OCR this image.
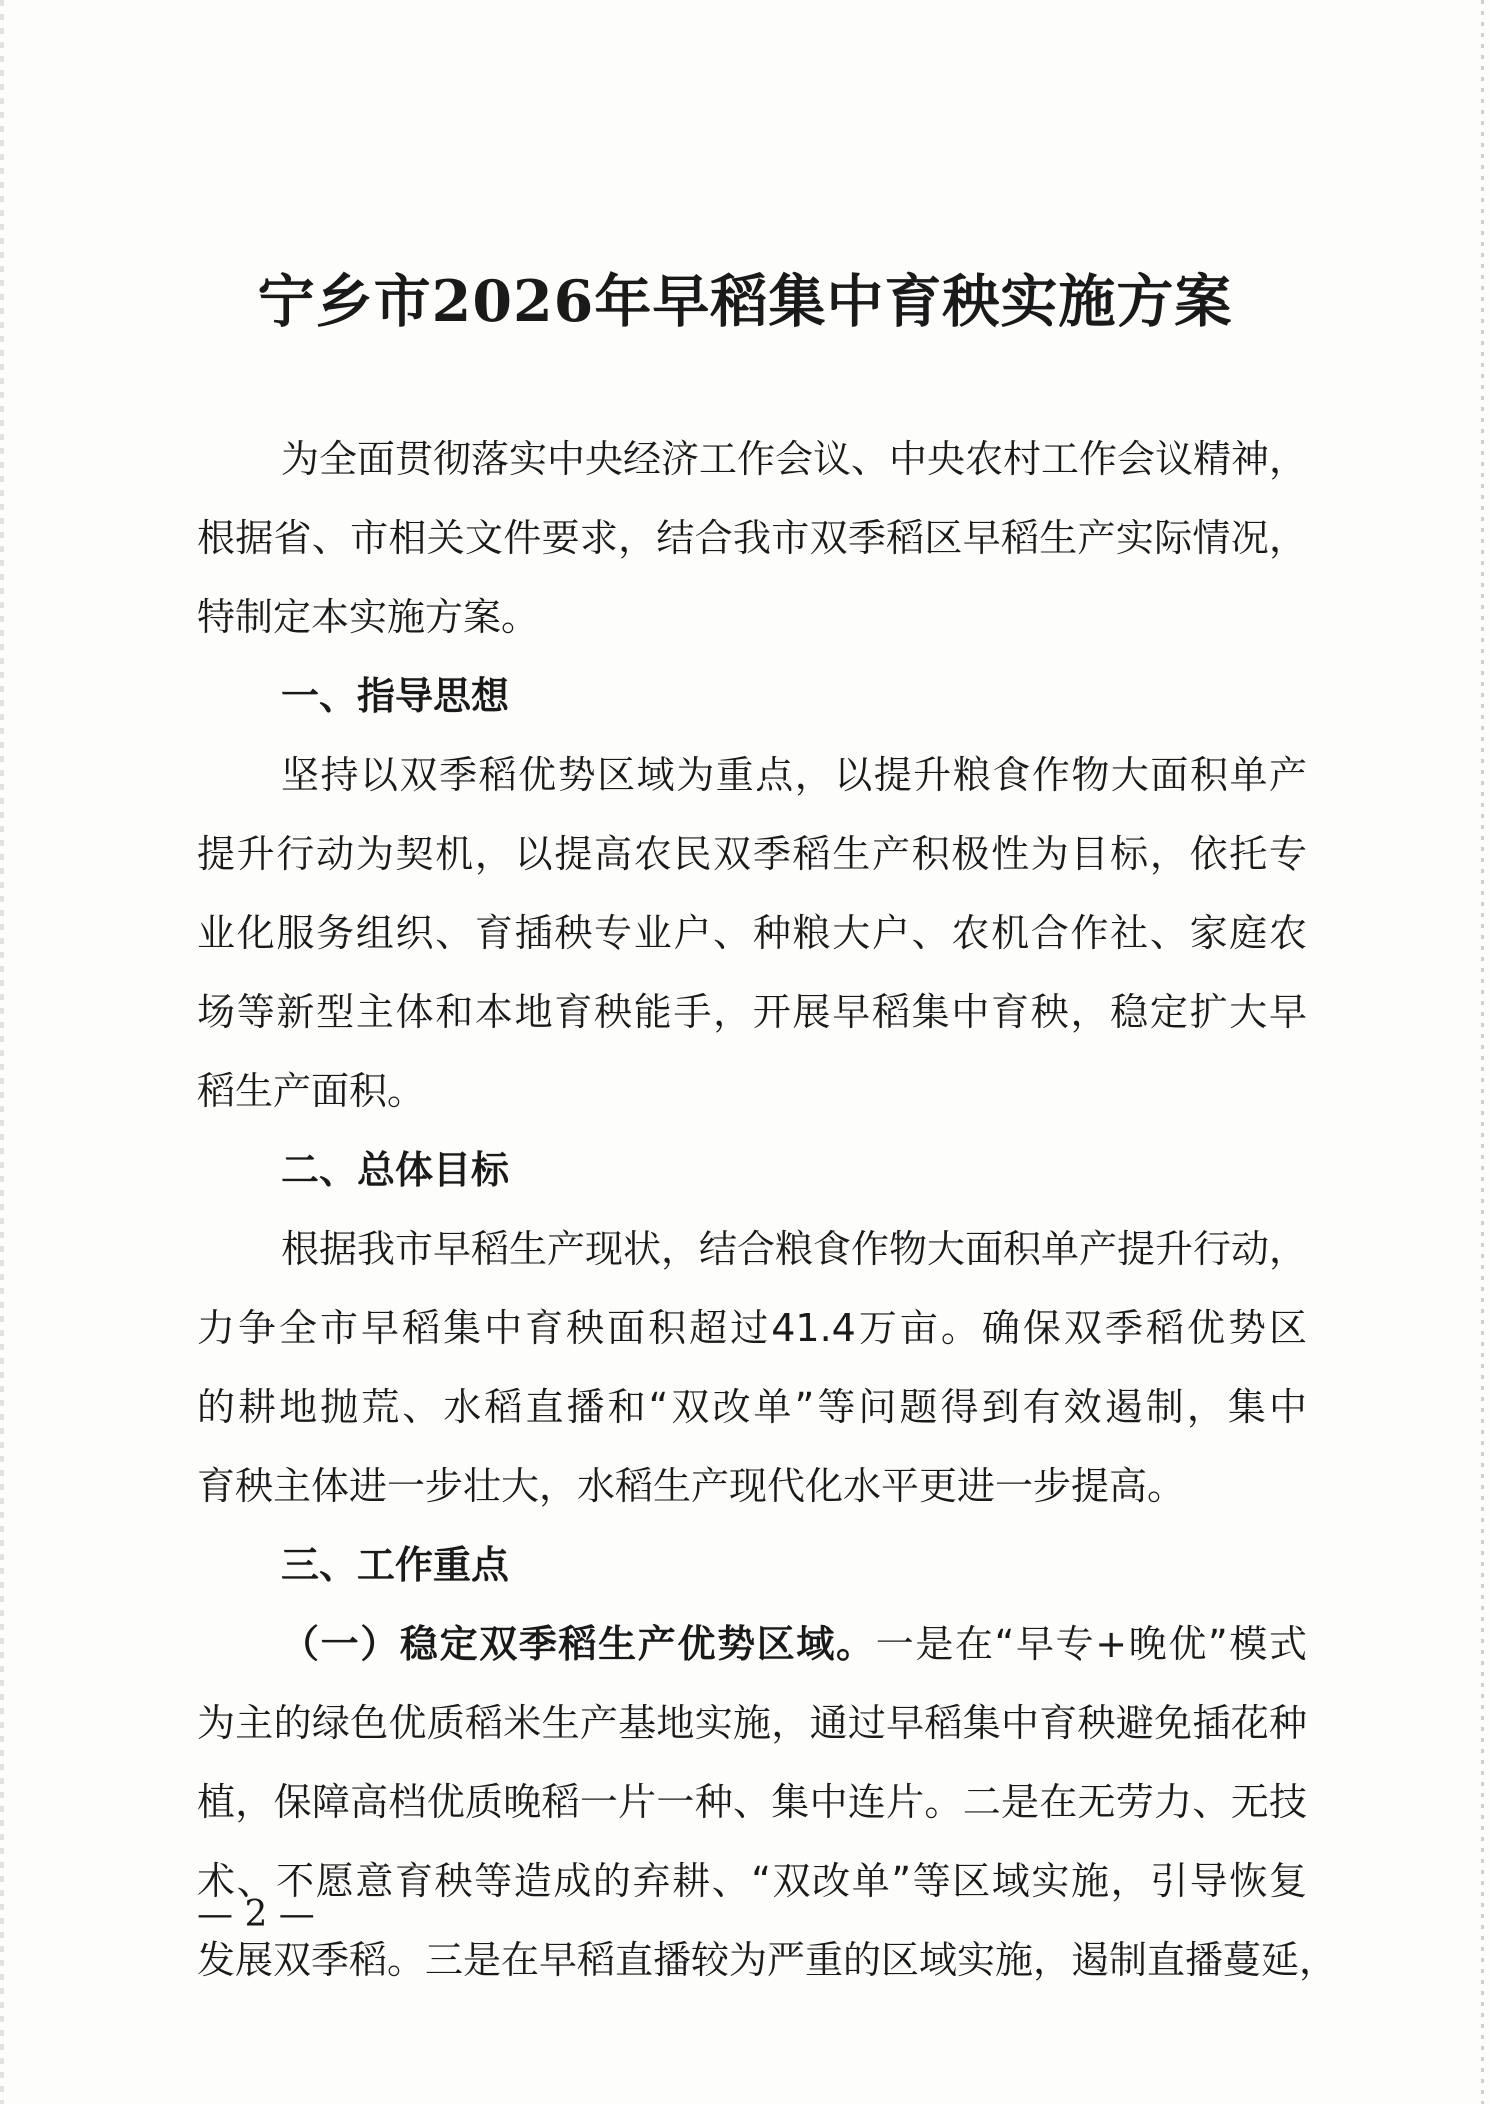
宁乡市2026年早稻集中育秧实施方案

为全面贯彻落实中央经济工作会议、中央农村工作会议精神，

根据省、市相关文件要求，结合我市双季稻区早稻生产实际情况，

特制定本实施方案。

一、指导思想

坚持以双季稻优势区域为重点，以提升粮食作物大面积单产

提升行动为契机，以提高农民双季稻生产积极性为目标，依托专

业化服务组织、育插秧专业户、种粮大户、农机合作社、家庭农

场等新型主体和本地育秧能手，开展早稻集中育秧，稳定扩大早

稻生产面积。

二、总体目标

根据我市早稻生产现状，结合粮食作物大面积单产提升行动，

力争全市早稻集中育秧面积超过41.4万亩。确保双季稻优势区

的耕地抛荒、水稻直播和“双改单”等问题得到有效遏制，集中

育秧主体进一步壮大，水稻生产现代化水平更进一步提高。

三、工作重点

（一）稳定双季稻生产优势区域。一是在“早专+晚优”模式

为主的绿色优质稻米生产基地实施，通过早稻集中育秧避免插花种

植，保障高档优质晚稻一片一种、集中连片。二是在无劳力、无技

术、不愿意育秧等造成的弃耕、“双改单”等区域实施，引导恢复

发展双季稻。三是在早稻直播较为严重的区域实施，遏制直播蔓延，

— 2 —
